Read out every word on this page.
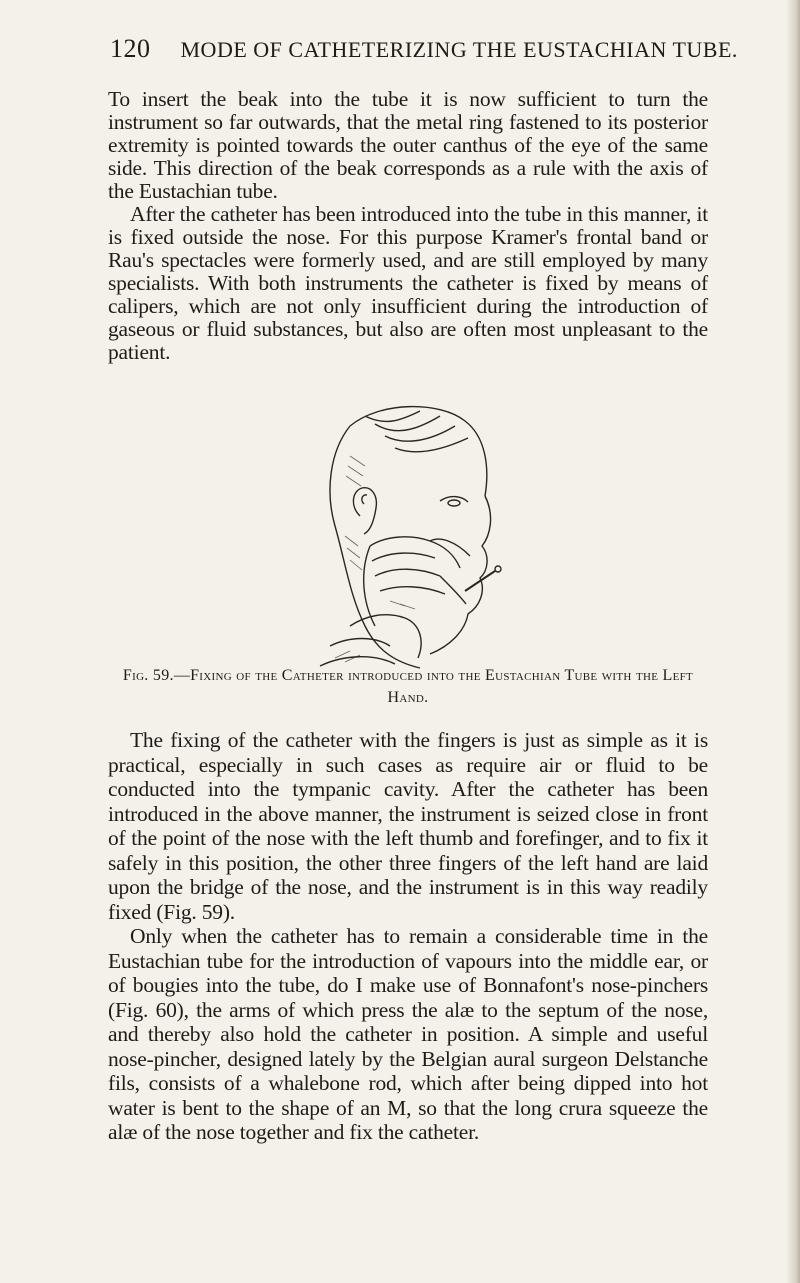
120 MODE OF CATHETERIZING THE EUSTACHIAN TUBE.

To insert the beak into the tube it is now sufficient to turn the instrument so far outwards, that the metal ring fastened to its posterior extremity is pointed towards the outer canthus of the eye of the same side. This direction of the beak corresponds as a rule with the axis of the Eustachian tube.

After the catheter has been introduced into the tube in this manner, it is fixed outside the nose. For this purpose Kramer's frontal band or Rau's spectacles were formerly used, and are still employed by many specialists. With both instruments the catheter is fixed by means of calipers, which are not only insufficient during the introduction of gaseous or fluid substances, but also are often most unpleasant to the patient.

Fig. 59.—Fixing of the Catheter introduced into the Eustachian Tube with the Left Hand.

The fixing of the catheter with the fingers is just as simple as it is practical, especially in such cases as require air or fluid to be conducted into the tympanic cavity. After the catheter has been introduced in the above manner, the instrument is seized close in front of the point of the nose with the left thumb and forefinger, and to fix it safely in this position, the other three fingers of the left hand are laid upon the bridge of the nose, and the instrument is in this way readily fixed (Fig. 59).

Only when the catheter has to remain a considerable time in the Eustachian tube for the introduction of vapours into the middle ear, or of bougies into the tube, do I make use of Bonnafont's nose-pinchers (Fig. 60), the arms of which press the alæ to the septum of the nose, and thereby also hold the catheter in position. A simple and useful nose-pincher, designed lately by the Belgian aural surgeon Delstanche fils, consists of a whalebone rod, which after being dipped into hot water is bent to the shape of an M, so that the long crura squeeze the alæ of the nose together and fix the catheter.
